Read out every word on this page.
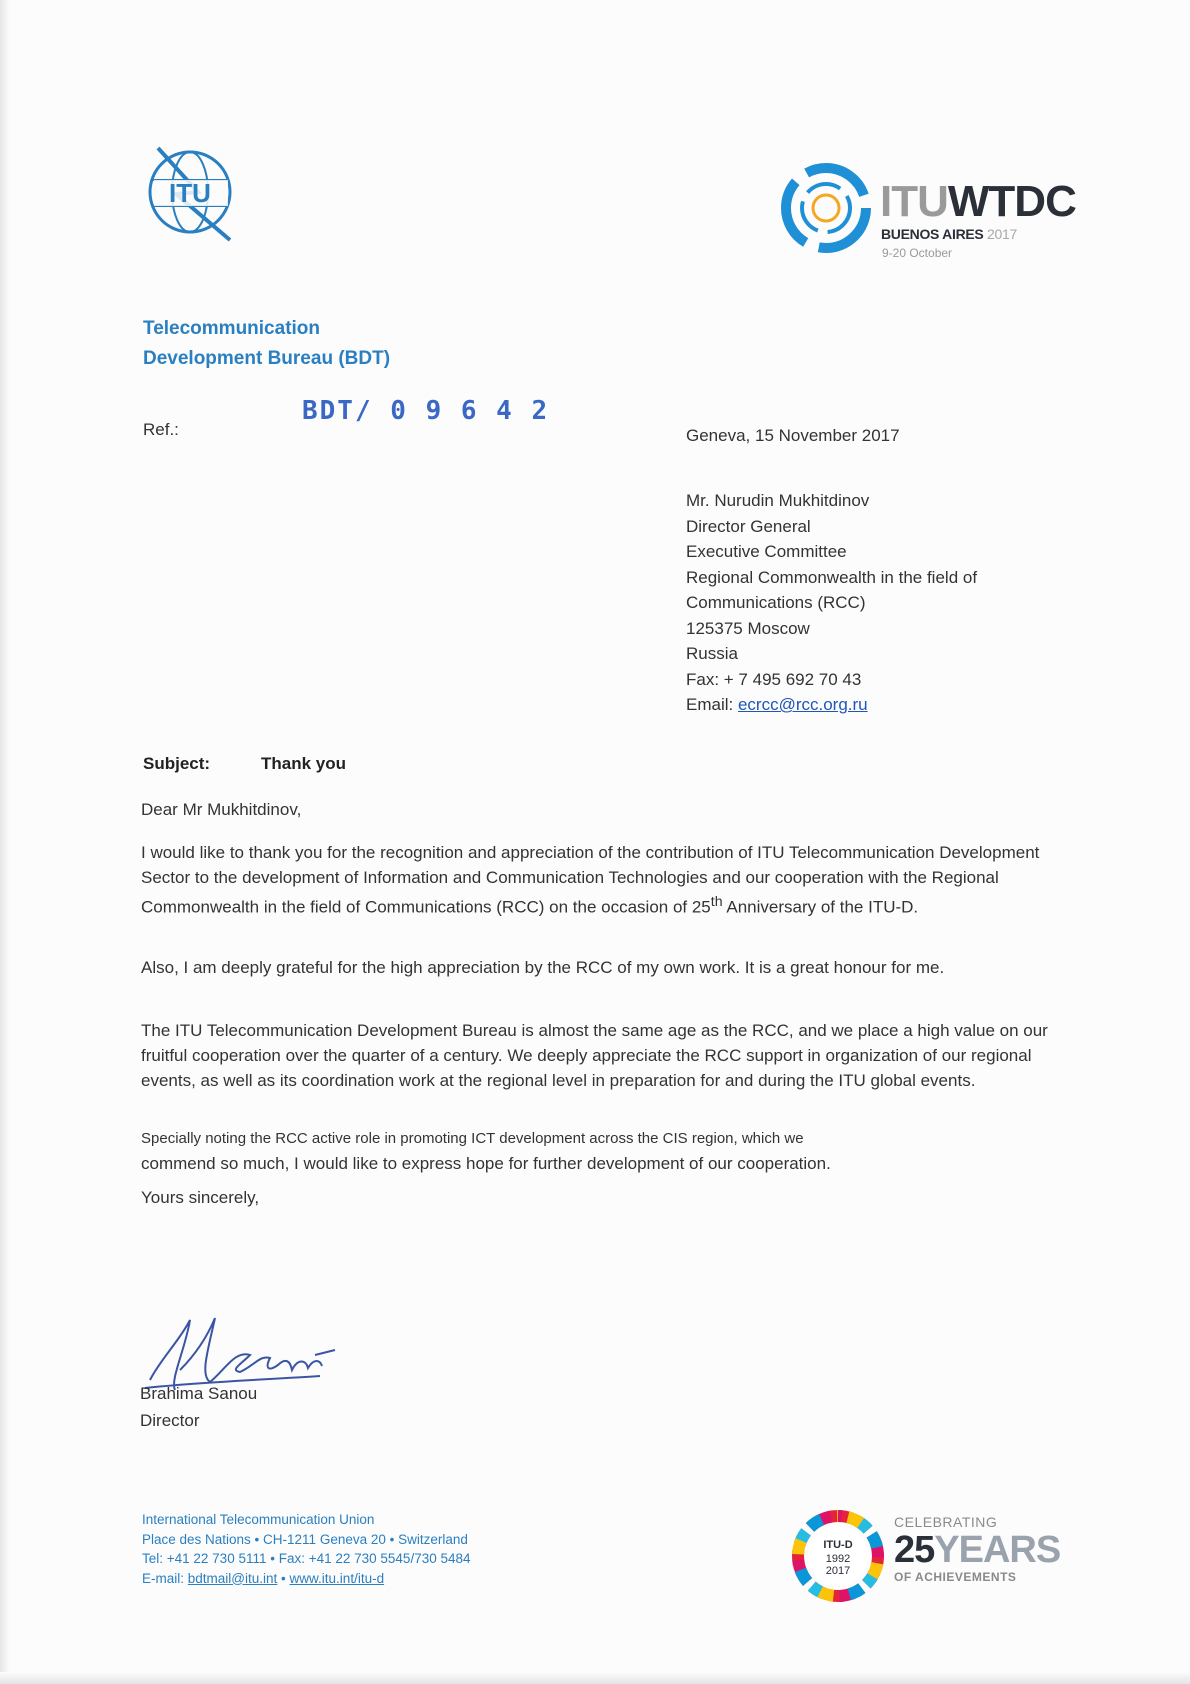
ITU	ITUWTDC
BUENOS AIRES 2017
9-20 October
Telecommunication
Development Bureau (BDT)
Ref.:
BDT/ 0 9 6 4 2
Geneva, 15 November 2017
Mr. Nurudin Mukhitdinov
Director General
Executive Committee
Regional Commonwealth in the field of
Communications (RCC)
125375 Moscow
Russia
Fax: + 7 495 692 70 43
Email: ecrcc@rcc.org.ru
Subject:	Thank you
Dear Mr Mukhitdinov,
I would like to thank you for the recognition and appreciation of the contribution of ITU Telecommunication Development Sector to the development of Information and Communication Technologies and our cooperation with the Regional Commonwealth in the field of Communications (RCC) on the occasion of 25th Anniversary of the ITU-D.
Also, I am deeply grateful for the high appreciation by the RCC of my own work. It is a great honour for me.
The ITU Telecommunication Development Bureau is almost the same age as the RCC, and we place a high value on our fruitful cooperation over the quarter of a century. We deeply appreciate the RCC support in organization of our regional events, as well as its coordination work at the regional level in preparation for and during the ITU global events.
Specially noting the RCC active role in promoting ICT development across the CIS region, which we
commend so much, I would like to express hope for further development of our cooperation.
Yours sincerely,
Brahima Sanou
Director
International Telecommunication Union
Place des Nations • CH-1211 Geneva 20 • Switzerland
Tel: +41 22 730 5111 • Fax: +41 22 730 5545/730 5484
E-mail: bdtmail@itu.int • www.itu.int/itu-d
ITU-D
1992
2017
CELEBRATING
25YEARS
OF ACHIEVEMENTS
